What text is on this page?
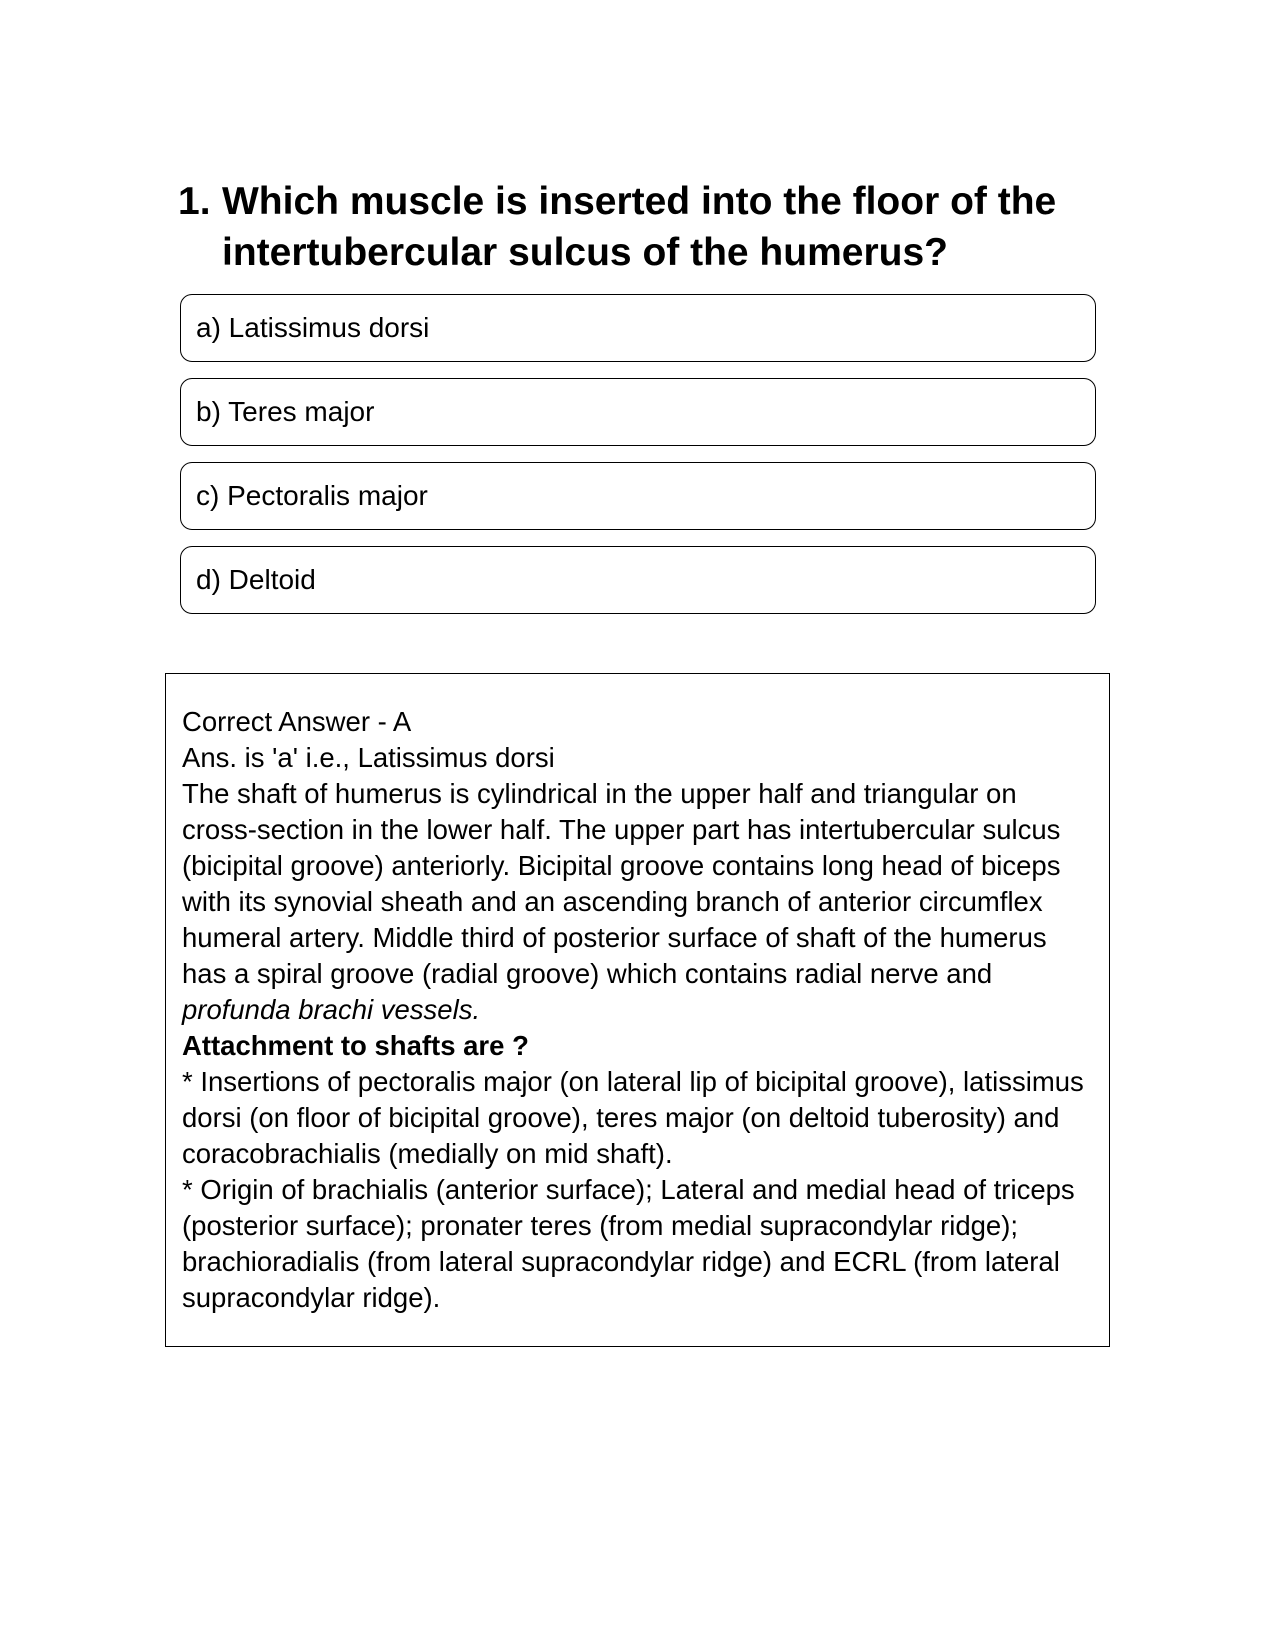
1. Which muscle is inserted into the floor of the intertubercular sulcus of the humerus?
a) Latissimus dorsi
b) Teres major
c) Pectoralis major
d) Deltoid

Correct Answer - A

Ans. is 'a' i.e., Latissimus dorsi

The shaft of humerus is cylindrical in the upper half and triangular on cross-section in the lower half. The upper part has intertubercular sulcus (bicipital groove) anteriorly. Bicipital groove contains long head of biceps with its synovial sheath and an ascending branch of anterior circumflex humeral artery. Middle third of posterior surface of shaft of the humerus has a spiral groove (radial groove) which contains radial nerve and profunda brachi vessels.

Attachment to shafts are ?

* Insertions of pectoralis major (on lateral lip of bicipital groove), latissimus dorsi (on floor of bicipital groove), teres major (on deltoid tuberosity) and coracobrachialis (medially on mid shaft).

* Origin of brachialis (anterior surface); Lateral and medial head of triceps (posterior surface); pronater teres (from medial supracondylar ridge); brachioradialis (from lateral supracondylar ridge) and ECRL (from lateral supracondylar ridge).
